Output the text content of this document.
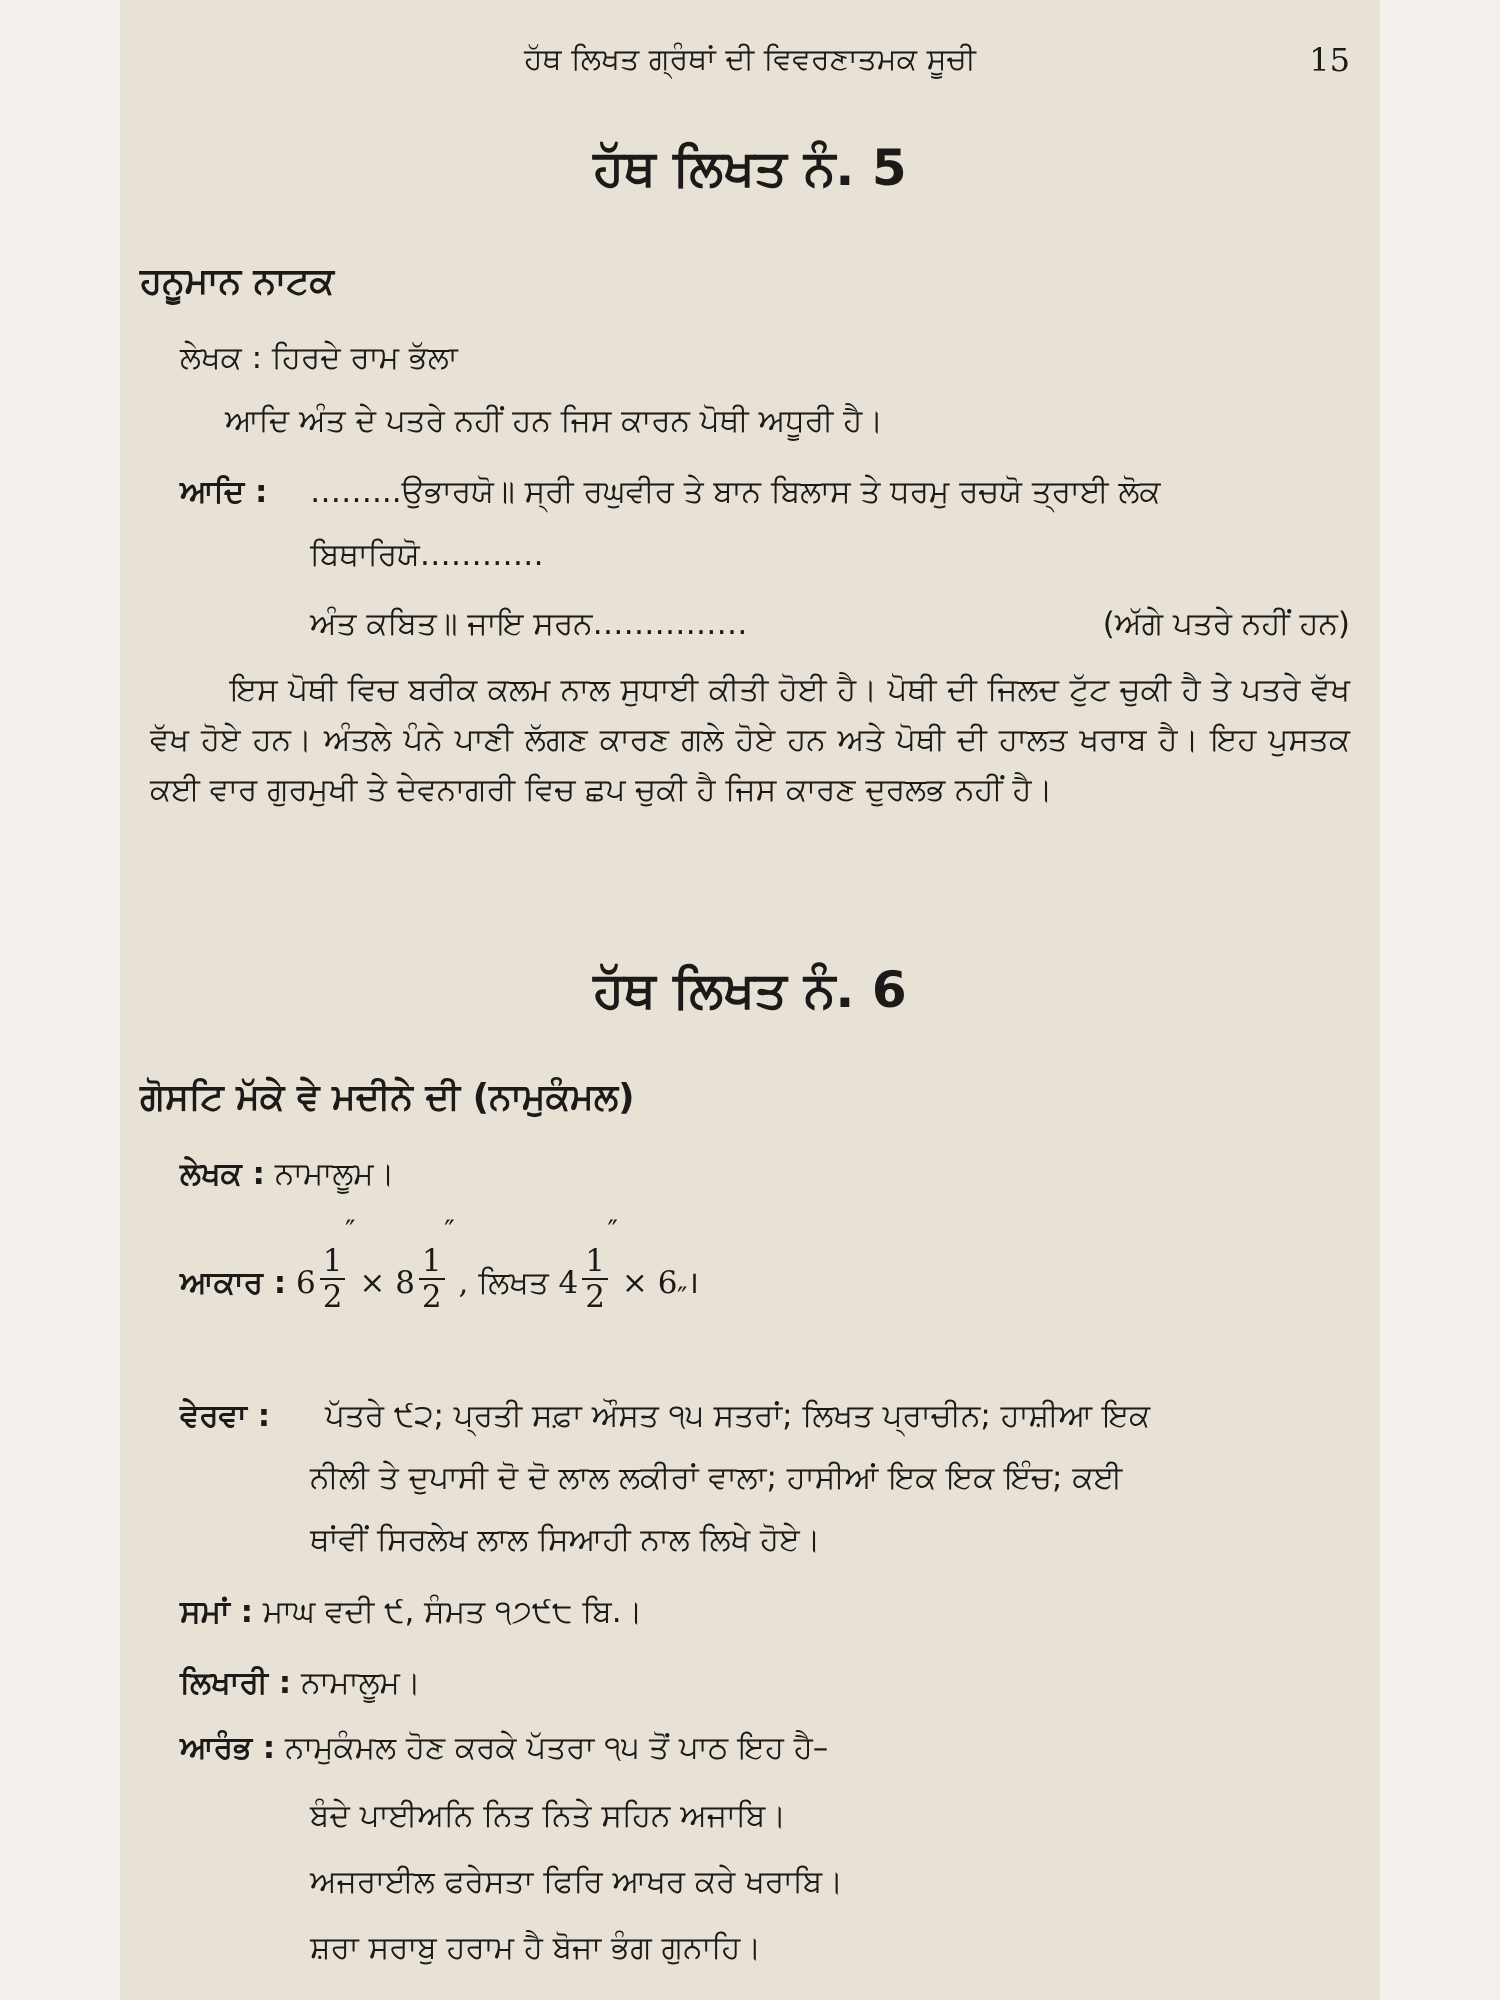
ਹੱਥ ਲਿਖਤ ਗ੍ਰੰਥਾਂ ਦੀ ਵਿਵਰਣਾਤਮਕ ਸੂਚੀ	15
ਹੱਥ ਲਿਖਤ ਨੰ. 5
ਹਨੂਮਾਨ ਨਾਟਕ
ਲੇਖਕ : ਹਿਰਦੇ ਰਾਮ ਭੱਲਾ
ਆਦਿ ਅੰਤ ਦੇ ਪਤਰੇ ਨਹੀਂ ਹਨ ਜਿਸ ਕਾਰਨ ਪੋਥੀ ਅਧੂਰੀ ਹੈ।
ਆਦਿ : ……...ਉਭਾਰਯੋ॥ ਸ੍ਰੀ ਰਘੁਵੀਰ ਤੇ ਬਾਨ ਬਿਲਾਸ ਤੇ ਧਰਮੁ ਰਚਯੋ ਤ੍ਰਾਈ ਲੋਕ
ਬਿਥਾਰਿਯੋ…………
ਅੰਤ ਕਬਿਤ॥ ਜਾਇ ਸਰਨ……………	(ਅੱਗੇ ਪਤਰੇ ਨਹੀਂ ਹਨ)
ਇਸ ਪੋਥੀ ਵਿਚ ਬਰੀਕ ਕਲਮ ਨਾਲ ਸੁਧਾਈ ਕੀਤੀ ਹੋਈ ਹੈ। ਪੋਥੀ ਦੀ ਜਿਲਦ ਟੁੱਟ ਚੁਕੀ ਹੈ ਤੇ ਪਤਰੇ ਵੱਖ ਵੱਖ ਹੋਏ ਹਨ। ਅੰਤਲੇ ਪੰਨੇ ਪਾਣੀ ਲੱਗਣ ਕਾਰਣ ਗਲੇ ਹੋਏ ਹਨ ਅਤੇ ਪੋਥੀ ਦੀ ਹਾਲਤ ਖਰਾਬ ਹੈ। ਇਹ ਪੁਸਤਕ ਕਈ ਵਾਰ ਗੁਰਮੁਖੀ ਤੇ ਦੇਵਨਾਗਰੀ ਵਿਚ ਛਪ ਚੁਕੀ ਹੈ ਜਿਸ ਕਾਰਣ ਦੁਰਲਭ ਨਹੀਂ ਹੈ।
ਹੱਥ ਲਿਖਤ ਨੰ. 6
ਗੋਸਟਿ ਮੱਕੇ ਵੇ ਮਦੀਨੇ ਦੀ (ਨਾਮੁਕੰਮਲ)
ਲੇਖਕ : ਨਾਮਾਲੂਮ।
ਆਕਾਰ : 6
1
2
″
× 8
1
2
″
, ਲਿਖਤ 4
1
2
″
× 6 ″ ।
ਵੇਰਵਾ : ਪੱਤਰੇ ੯੨; ਪ੍ਰਤੀ ਸਫ਼ਾ ਔਸਤ ੧੫ ਸਤਰਾਂ; ਲਿਖਤ ਪ੍ਰਾਚੀਨ; ਹਾਸ਼ੀਆ ਇਕ
ਨੀਲੀ ਤੇ ਦੁਪਾਸੀ ਦੋ ਦੋ ਲਾਲ ਲਕੀਰਾਂ ਵਾਲਾ; ਹਾਸੀਆਂ ਇਕ ਇਕ ਇੰਚ; ਕਈ
ਥਾਂਵੀਂ ਸਿਰਲੇਖ ਲਾਲ ਸਿਆਹੀ ਨਾਲ ਲਿਖੇ ਹੋਏ।
ਸਮਾਂ : ਮਾਘ ਵਦੀ ੯, ਸੰਮਤ ੧੭੯੮ ਬਿ.।
ਲਿਖਾਰੀ : ਨਾਮਾਲੂਮ।
ਆਰੰਭ : ਨਾਮੁਕੰਮਲ ਹੋਣ ਕਰਕੇ ਪੱਤਰਾ ੧੫ ਤੋਂ ਪਾਠ ਇਹ ਹੈ–
ਬੰਦੇ ਪਾਈਅਨਿ ਨਿਤ ਨਿਤੇ ਸਹਿਨ ਅਜਾਬਿ।
ਅਜਰਾਈਲ ਫਰੇਸਤਾ ਫਿਰਿ ਆਖਰ ਕਰੇ ਖਰਾਬਿ।
ਸ਼ਰਾ ਸਰਾਬੁ ਹਰਾਮ ਹੈ ਬੋਜਾ ਭੰਗ ਗੁਨਾਹਿ।
